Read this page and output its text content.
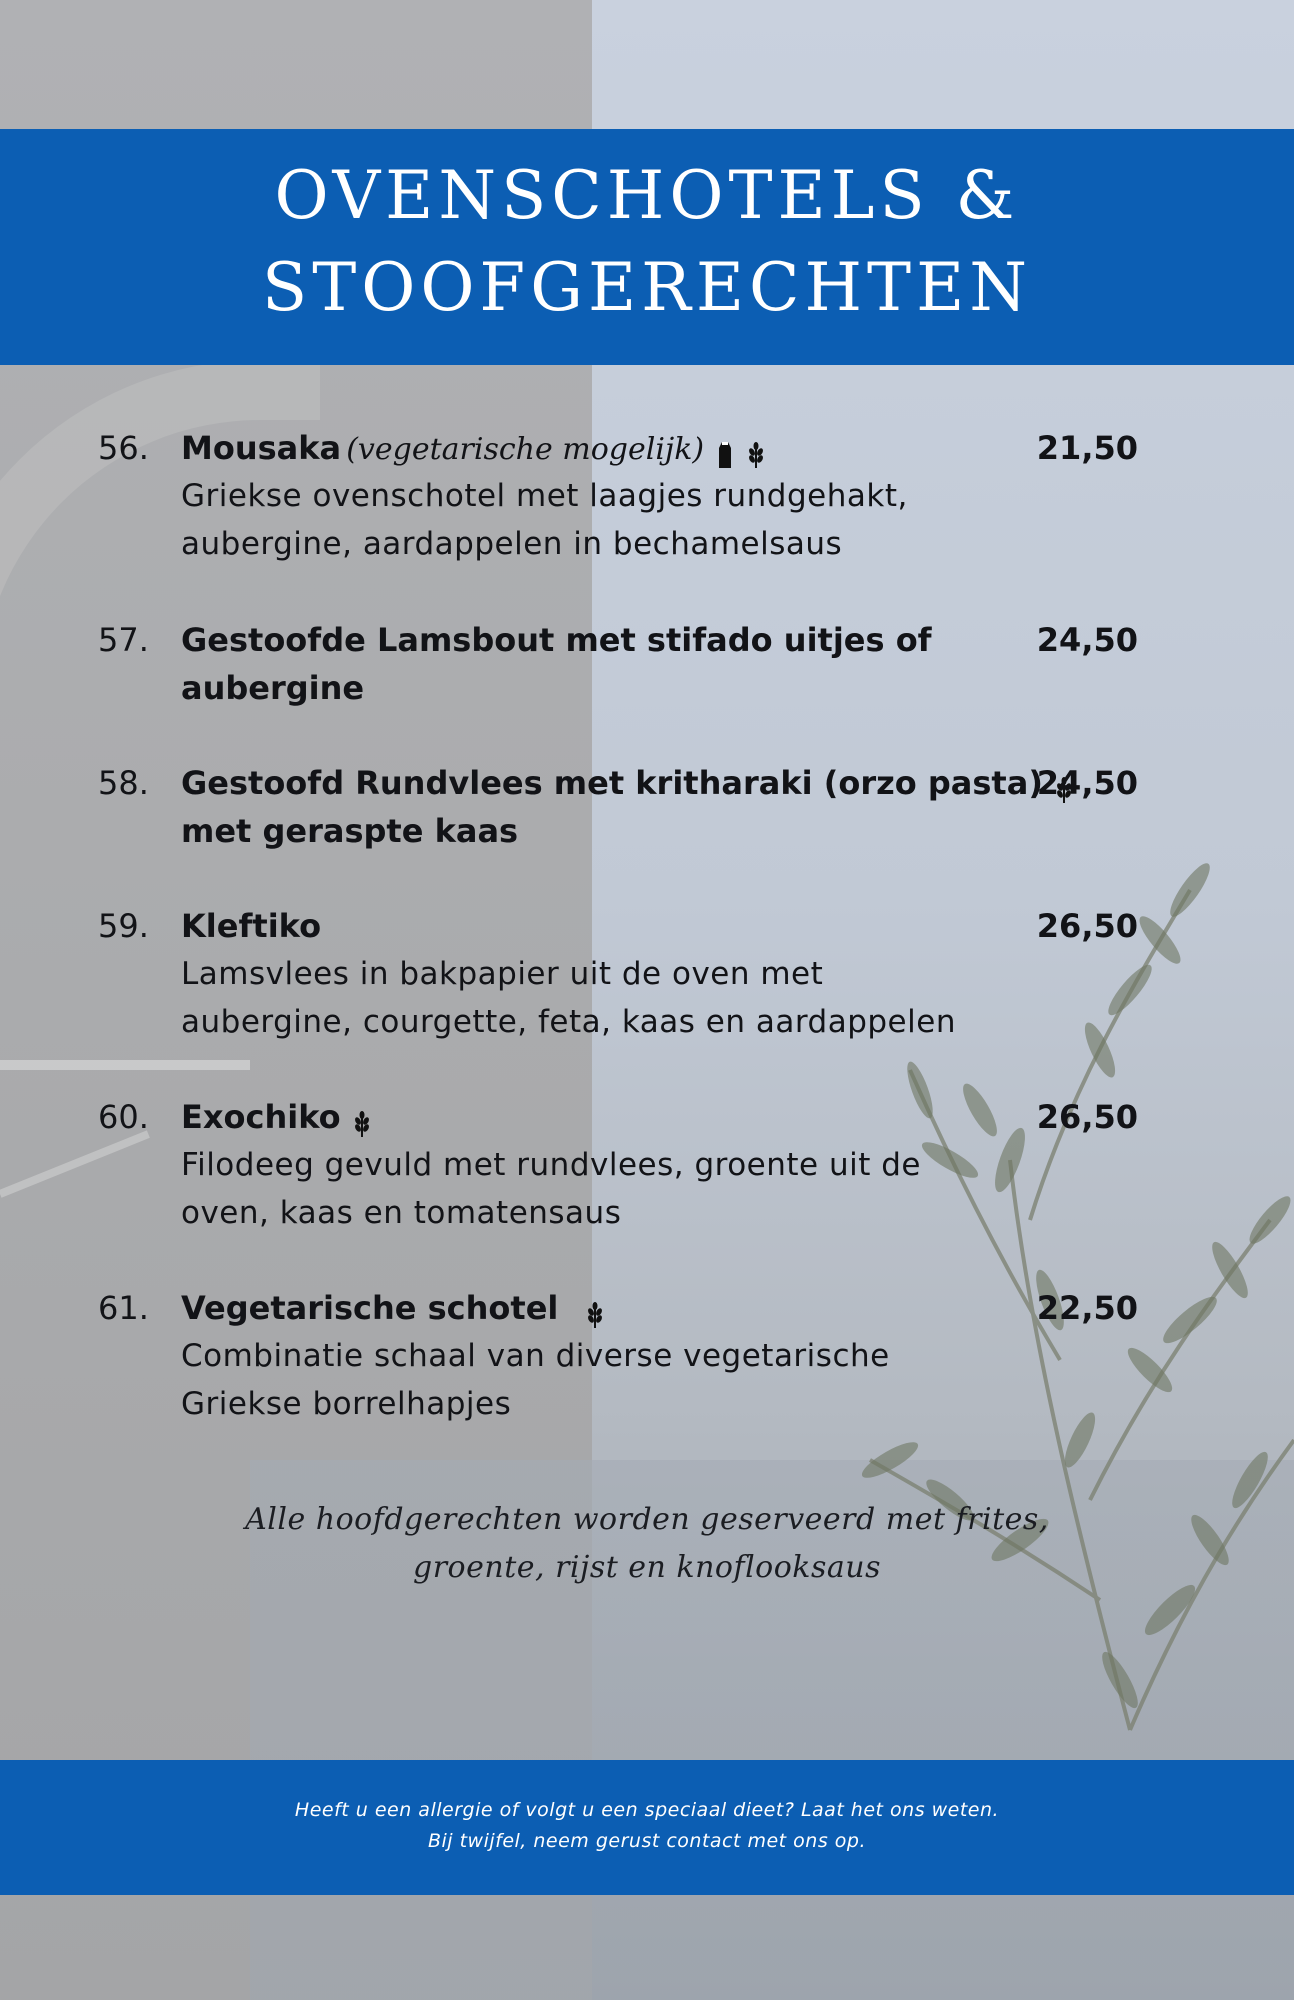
OVENSCHOTELS &
STOOFGERECHTEN
56. Mousaka (vegetarische mogelijk)
Griekse ovenschotel met laagjes rundgehakt,
aubergine, aardappelen in bechamelsaus
21,50
57. Gestoofde Lamsbout met stifado uitjes of
aubergine
24,50
58. Gestoofd Rundvlees met kritharaki (orzo pasta)
met geraspte kaas
24,50
59. Kleftiko
Lamsvlees in bakpapier uit de oven met
aubergine, courgette, feta, kaas en aardappelen
26,50
60. Exochiko
Filodeeg gevuld met rundvlees, groente uit de
oven, kaas en tomatensaus
26,50
61. Vegetarische schotel
Combinatie schaal van diverse vegetarische
Griekse borrelhapjes
22,50
Alle hoofdgerechten worden geserveerd met frites,
groente, rijst en knoflooksaus
Heeft u een allergie of volgt u een speciaal dieet? Laat het ons weten.
Bij twijfel, neem gerust contact met ons op.
